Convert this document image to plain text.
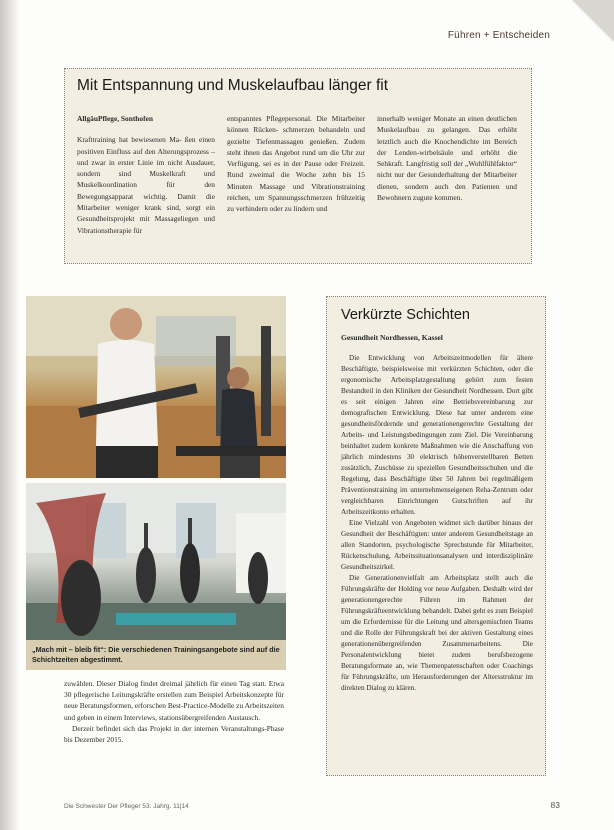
Führen + Entscheiden
Mit Entspannung und Muskelaufbau länger fit
AllgäuPflege, Sonthofen
Krafttraining hat bewiesenen Ma- ßen einen positiven Einfluss auf den Alterungsprozess – und zwar in erster Linie im nicht Ausdauer, sondern sind Muskelkraft und Muskelkoordination für den Bewegungsapparat wichtig. Damit die Mitarbeiter weniger krank sind, sorgt ein Gesundheitsprojekt mit Massageliegen und Vibrationstherapie für
entspanntes Pflegepersonal. Die Mitarbeiter können Rücken- schmerzen behandeln und gezielte Tiefenmassagen genießen. Zudem steht ihnen das Angebot rund um die Uhr zur Verfügung, sei es in der Pause oder Freizeit. Rund zweimal die Woche zehn bis 15 Minuten Massage und Vibrationstraining reichen, um Spannungsschmerzen frühzeitig zu verhindern oder zu lindern und
innerhalb weniger Monate an einen deutlichen Muskelaufbau zu gelangen. Das erhöht letztlich auch die Knochendichte im Bereich der Lenden-wirbelsäule und erhöht die Sehkraft. Langfristig soll der „Wohlfühlfaktor“ nicht nur der Gesunderhaltung der Mitarbeiter dienen, sondern auch den Patienten und Bewohnern zugute kommen.
„Mach mit – bleib fit“: Die verschiedenen Trainingsangebote sind auf die Schichtzeiten abgestimmt.
Verkürzte Schichten
Gesundheit Nordhessen, Kassel

Die Entwicklung von Arbeitszeitmodellen für ältere Beschäftigte, beispielsweise mit verkürzten Schichten, oder die ergonomische Arbeitsplatzgestaltung gehört zum festen Bestandteil in den Kliniken der Gesundheit Nordhessen. Dort gibt es seit einigen Jahren eine Betriebsvereinbarung zur demografischen Entwicklung. Diese hat unter anderem eine gesundheitsfördernde und generationengerechte Gestaltung der Arbeits- und Leistungsbedingungen zum Ziel. Die Vereinbarung beinhaltet zudem konkrete Maßnahmen wie die Anschaffung von jährlich mindestens 30 elektrisch höhenverstellbaren Betten zusätzlich, Zuschüsse zu speziellen Gesundheitsschuhen und die Regelung, dass Beschäftigte über 50 Jahren bei regelmäßigem Präventionstraining im unternehmenseigenen Reha-Zentrum oder vergleichbaren Einrichtungen Gutschriften auf ihr Arbeitszeitkonto erhalten.

Eine Vielzahl von Angeboten widmet sich darüber hinaus der Gesundheit der Beschäftigten: unter anderem Gesundheitstage an allen Standorten, psychologische Sprechstunde für Mitarbeiter, Rückenschulung, Arbeitssituationsanalysen und interdisziplinäre Gesundheitszirkel.

Die Generationenvielfalt am Arbeitsplatz stellt auch die Führungskräfte der Holding vor neue Aufgaben. Deshalb wird der generationengerechte Führen im Rahmen der Führungskräfteentwicklung behandelt. Dabei geht es zum Beispiel um die Erfordernisse für die Leitung und altersgemischten Teams und die Rolle der Führungskraft bei der aktiven Gestaltung eines generationenübergreifenden Zusammenarbeitens. Die Personalentwicklung bietet zudem berufsbezogene Beratungsformate an, wie Themenpatenschaften oder Coachings für Führungskräfte, um Herausforderungen der Altersstruktur im direkten Dialog zu klären.

zuwählen. Dieser Dialog findet dreimal jährlich für einen Tag statt. Etwa 30 pflegerische Leitungskräfte erstellen zum Beispiel Arbeitskonzepte für neue Beratungsformen, erforschen Best-Practice-Modelle zu Arbeitszeiten und geben in einem Interviews, stationsübergreifenden Austausch.

Derzeit befindet sich das Projekt in der internen Veranstaltungs-Phase bis Dezember 2015.

Die Schwester Der Pfleger 53. Jahrg. 11|14	83
